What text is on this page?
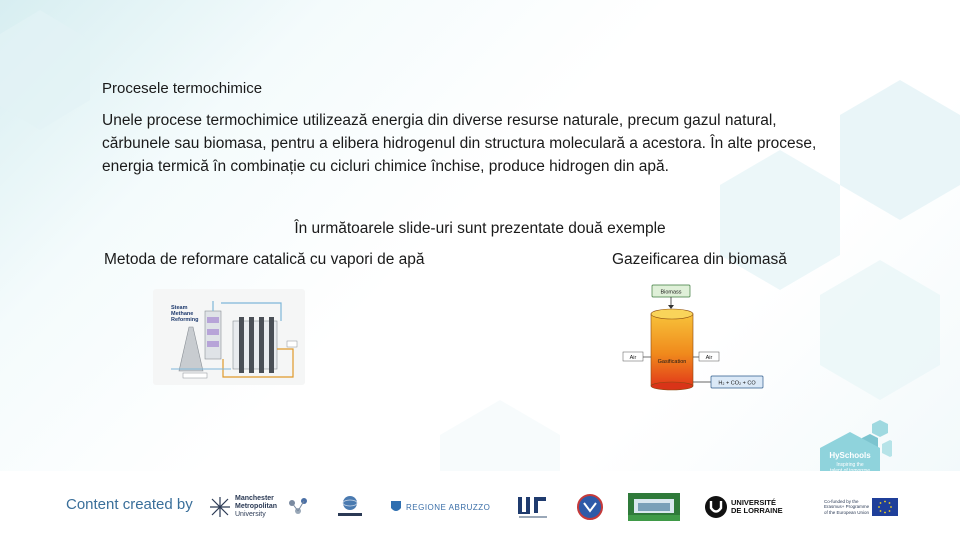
Procesele termochimice
Unele procese termochimice utilizează energia din diverse resurse naturale, precum gazul natural, cărbunele sau biomasa, pentru a elibera hidrogenul din structura moleculară a acestora. În alte procese, energia termică în combinație cu cicluri chimice închise, produce hidrogen din apă.
În următoarele slide-uri sunt prezentate două exemple
Metoda de reformare catalică cu vapori de apă	Gazeificarea din biomasă
Steam
Methane
Reforming
Biomass
Gasification
Air	Air
H₂ + CO₂ + CO
HySchools
Inspiring the
Content created by	Manchester
Metropolitan
University
REGIONE ABRUZZO	UNIVERSITÉ
DE LORRAINE
Co-funded by the
Erasmus+ Programme
of the European Union
